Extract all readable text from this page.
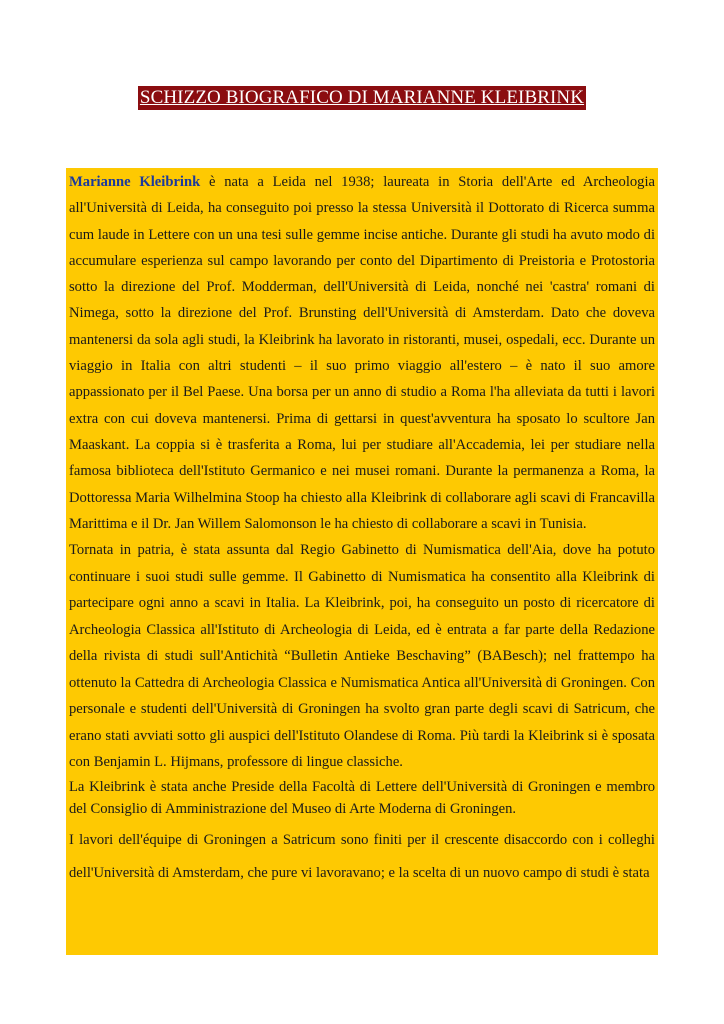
SCHIZZO BIOGRAFICO DI MARIANNE KLEIBRINK

Marianne Kleibrink è nata a Leida nel 1938; laureata in Storia dell'Arte ed Archeologia all'Università di Leida, ha conseguito poi presso la stessa Università il Dottorato di Ricerca summa cum laude in Lettere con un una tesi sulle gemme incise antiche. Durante gli studi ha avuto modo di accumulare esperienza sul campo lavorando per conto del Dipartimento di Preistoria e Protostoria sotto la direzione del Prof. Modderman, dell'Università di Leida, nonché nei 'castra' romani di Nimega, sotto la direzione del Prof. Brunsting dell'Università di Amsterdam. Dato che doveva mantenersi da sola agli studi, la Kleibrink ha lavorato in ristoranti, musei, ospedali, ecc. Durante un viaggio in Italia con altri studenti – il suo primo viaggio all'estero – è nato il suo amore appassionato per il Bel Paese. Una borsa per un anno di studio a Roma l'ha alleviata da tutti i lavori extra con cui doveva mantenersi. Prima di gettarsi in quest'avventura ha sposato lo scultore Jan Maaskant. La coppia si è trasferita a Roma, lui per studiare all'Accademia, lei per studiare nella famosa biblioteca dell'Istituto Germanico e nei musei romani. Durante la permanenza a Roma, la Dottoressa Maria Wilhelmina Stoop ha chiesto alla Kleibrink di collaborare agli scavi di Francavilla Marittima e il Dr. Jan Willem Salomonson le ha chiesto di collaborare a scavi in Tunisia.

Tornata in patria, è stata assunta dal Regio Gabinetto di Numismatica dell'Aia, dove ha potuto continuare i suoi studi sulle gemme. Il Gabinetto di Numismatica ha consentito alla Kleibrink di partecipare ogni anno a scavi in Italia. La Kleibrink, poi, ha conseguito un posto di ricercatore di Archeologia Classica all'Istituto di Archeologia di Leida, ed è entrata a far parte della Redazione della rivista di studi sull'Antichità “Bulletin Antieke Beschaving” (BABesch); nel frattempo ha ottenuto la Cattedra di Archeologia Classica e Numismatica Antica all'Università di Groningen. Con personale e studenti dell'Università di Groningen ha svolto gran parte degli scavi di Satricum, che erano stati avviati sotto gli auspici dell'Istituto Olandese di Roma. Più tardi la Kleibrink si è sposata con Benjamin L. Hijmans, professore di lingue classiche.

La Kleibrink è stata anche Preside della Facoltà di Lettere dell'Università di Groningen e membro del Consiglio di Amministrazione del Museo di Arte Moderna di Groningen.

I lavori dell'équipe di Groningen a Satricum sono finiti per il crescente disaccordo con i colleghi dell'Università di Amsterdam, che pure vi lavoravano; e la scelta di un nuovo campo di studi è stata
